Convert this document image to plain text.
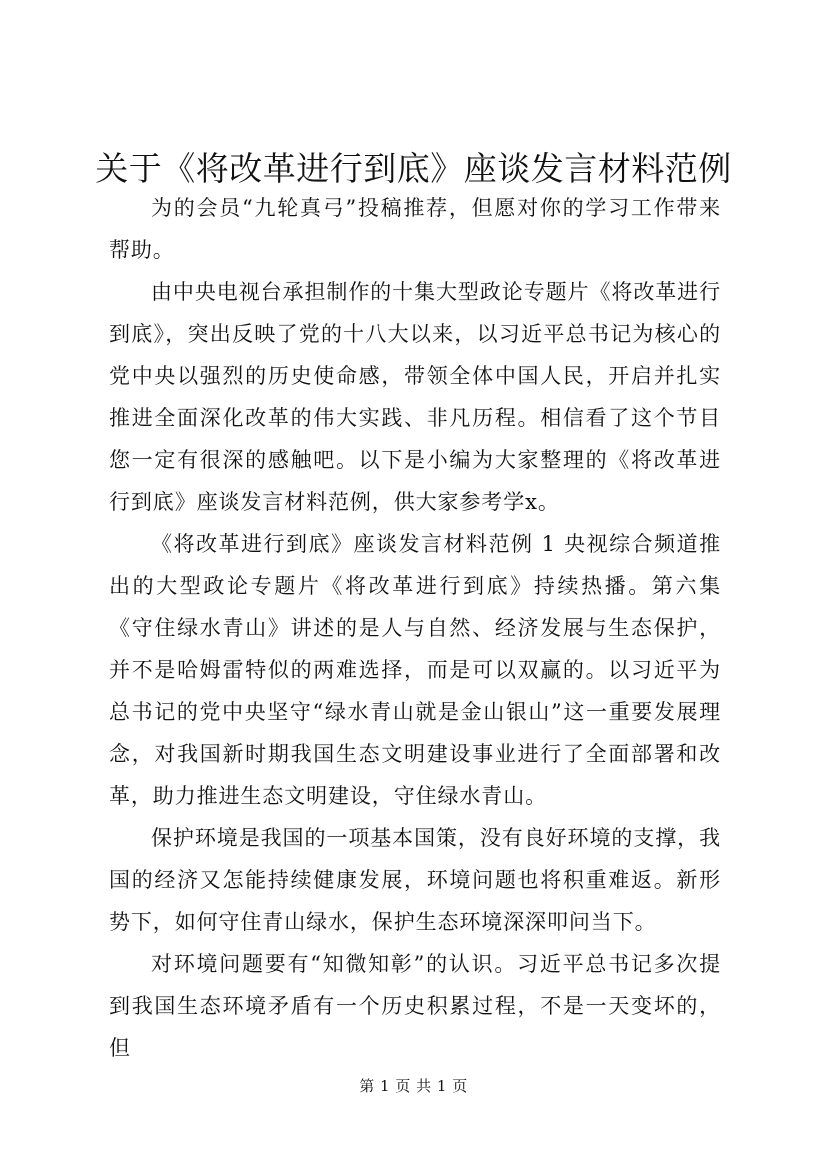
关于《将改革进行到底》座谈发言材料范例

为的会员“九轮真弓”投稿推荐，但愿对你的学习工作带来帮助。

由中央电视台承担制作的十集大型政论专题片《将改革进行到底》，突出反映了党的十八大以来，以习近平总书记为核心的党中央以强烈的历史使命感，带领全体中国人民，开启并扎实推进全面深化改革的伟大实践、非凡历程。相信看了这个节目您一定有很深的感触吧。以下是小编为大家整理的《将改革进行到底》座谈发言材料范例，供大家参考学x。

《将改革进行到底》座谈发言材料范例 1 央视综合频道推出的大型政论专题片《将改革进行到底》持续热播。第六集《守住绿水青山》讲述的是人与自然、经济发展与生态保护，并不是哈姆雷特似的两难选择，而是可以双赢的。以习近平为总书记的党中央坚守“绿水青山就是金山银山”这一重要发展理念，对我国新时期我国生态文明建设事业进行了全面部署和改革，助力推进生态文明建设，守住绿水青山。

保护环境是我国的一项基本国策，没有良好环境的支撑，我国的经济又怎能持续健康发展，环境问题也将积重难返。新形势下，如何守住青山绿水，保护生态环境深深叩问当下。

对环境问题要有“知微知彰”的认识。习近平总书记多次提到我国生态环境矛盾有一个历史积累过程，不是一天变坏的，但

第 1 页 共 1 页
